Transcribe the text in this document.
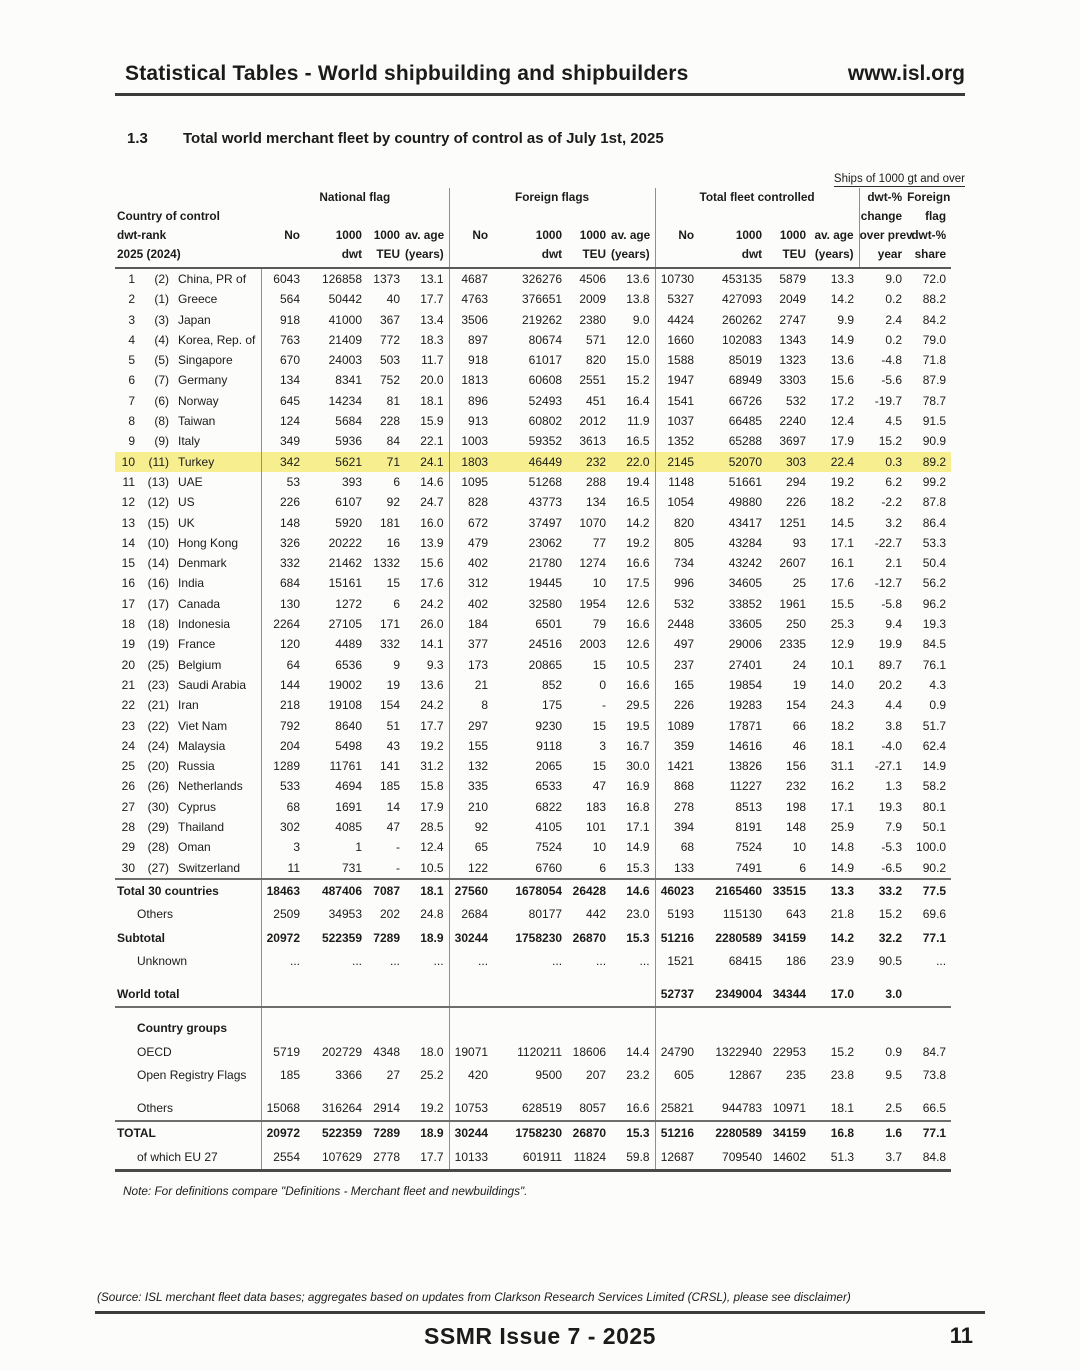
Statistical Tables - World shipbuilding and shipbuilders	www.isl.org
1.3	Total world merchant fleet by country of control as of July 1st, 2025
Ships of 1000 gt and over
	National flag				Foreign flags				Total fleet controlled				dwt-%	Foreign
Country of control													change	flag
dwt-rank	No	1000	1000	av. age	No	1000	1000	av. age	No	1000	1000	av. age	over prev.	dwt-%
2025 (2024)		dwt	TEU	(years)		dwt	TEU	(years)		dwt	TEU	(years)	year	share
1 (2) China, PR of	6043	126858	1373	13.1	4687	326276	4506	13.6	10730	453135	5879	13.3	9.0	72.0
2 (1) Greece	564	50442	40	17.7	4763	376651	2009	13.8	5327	427093	2049	14.2	0.2	88.2
3 (3) Japan	918	41000	367	13.4	3506	219262	2380	9.0	4424	260262	2747	9.9	2.4	84.2
4 (4) Korea, Rep. of	763	21409	772	18.3	897	80674	571	12.0	1660	102083	1343	14.9	0.2	79.0
5 (5) Singapore	670	24003	503	11.7	918	61017	820	15.0	1588	85019	1323	13.6	-4.8	71.8
6 (7) Germany	134	8341	752	20.0	1813	60608	2551	15.2	1947	68949	3303	15.6	-5.6	87.9
7 (6) Norway	645	14234	81	18.1	896	52493	451	16.4	1541	66726	532	17.2	-19.7	78.7
8 (8) Taiwan	124	5684	228	15.9	913	60802	2012	11.9	1037	66485	2240	12.4	4.5	91.5
9 (9) Italy	349	5936	84	22.1	1003	59352	3613	16.5	1352	65288	3697	17.9	15.2	90.9
10 (11) Turkey	342	5621	71	24.1	1803	46449	232	22.0	2145	52070	303	22.4	0.3	89.2
11 (13) UAE	53	393	6	14.6	1095	51268	288	19.4	1148	51661	294	19.2	6.2	99.2
12 (12) US	226	6107	92	24.7	828	43773	134	16.5	1054	49880	226	18.2	-2.2	87.8
13 (15) UK	148	5920	181	16.0	672	37497	1070	14.2	820	43417	1251	14.5	3.2	86.4
14 (10) Hong Kong	326	20222	16	13.9	479	23062	77	19.2	805	43284	93	17.1	-22.7	53.3
15 (14) Denmark	332	21462	1332	15.6	402	21780	1274	16.6	734	43242	2607	16.1	2.1	50.4
16 (16) India	684	15161	15	17.6	312	19445	10	17.5	996	34605	25	17.6	-12.7	56.2
17 (17) Canada	130	1272	6	24.2	402	32580	1954	12.6	532	33852	1961	15.5	-5.8	96.2
18 (18) Indonesia	2264	27105	171	26.0	184	6501	79	16.6	2448	33605	250	25.3	9.4	19.3
19 (19) France	120	4489	332	14.1	377	24516	2003	12.6	497	29006	2335	12.9	19.9	84.5
20 (25) Belgium	64	6536	9	9.3	173	20865	15	10.5	237	27401	24	10.1	89.7	76.1
21 (23) Saudi Arabia	144	19002	19	13.6	21	852	0	16.6	165	19854	19	14.0	20.2	4.3
22 (21) Iran	218	19108	154	24.2	8	175	-	29.5	226	19283	154	24.3	4.4	0.9
23 (22) Viet Nam	792	8640	51	17.7	297	9230	15	19.5	1089	17871	66	18.2	3.8	51.7
24 (24) Malaysia	204	5498	43	19.2	155	9118	3	16.7	359	14616	46	18.1	-4.0	62.4
25 (20) Russia	1289	11761	141	31.2	132	2065	15	30.0	1421	13826	156	31.1	-27.1	14.9
26 (26) Netherlands	533	4694	185	15.8	335	6533	47	16.9	868	11227	232	16.2	1.3	58.2
27 (30) Cyprus	68	1691	14	17.9	210	6822	183	16.8	278	8513	198	17.1	19.3	80.1
28 (29) Thailand	302	4085	47	28.5	92	4105	101	17.1	394	8191	148	25.9	7.9	50.1
29 (28) Oman	3	1	-	12.4	65	7524	10	14.9	68	7524	10	14.8	-5.3	100.0
30 (27) Switzerland	11	731	-	10.5	122	6760	6	15.3	133	7491	6	14.9	-6.5	90.2
Total 30 countries	18463	487406	7087	18.1	27560	1678054	26428	14.6	46023	2165460	33515	13.3	33.2	77.5
Others	2509	34953	202	24.8	2684	80177	442	23.0	5193	115130	643	21.8	15.2	69.6
Subtotal	20972	522359	7289	18.9	30244	1758230	26870	15.3	51216	2280589	34159	14.2	32.2	77.1
Unknown	...	...	...	...	...	...	...	...	1521	68415	186	23.9	90.5	...
World total									52737	2349004	34344	17.0	3.0	
Country groups														
OECD	5719	202729	4348	18.0	19071	1120211	18606	14.4	24790	1322940	22953	15.2	0.9	84.7
Open Registry Flags	185	3366	27	25.2	420	9500	207	23.2	605	12867	235	23.8	9.5	73.8
Others	15068	316264	2914	19.2	10753	628519	8057	16.6	25821	944783	10971	18.1	2.5	66.5
TOTAL	20972	522359	7289	18.9	30244	1758230	26870	15.3	51216	2280589	34159	16.8	1.6	77.1
of which EU 27	2554	107629	2778	17.7	10133	601911	11824	59.8	12687	709540	14602	51.3	3.7	84.8
Note: For definitions compare "Definitions - Merchant fleet and newbuildings".
(Source: ISL merchant fleet data bases; aggregates based on updates from Clarkson Research Services Limited (CRSL), please see disclaimer)
SSMR Issue 7 - 2025	11
